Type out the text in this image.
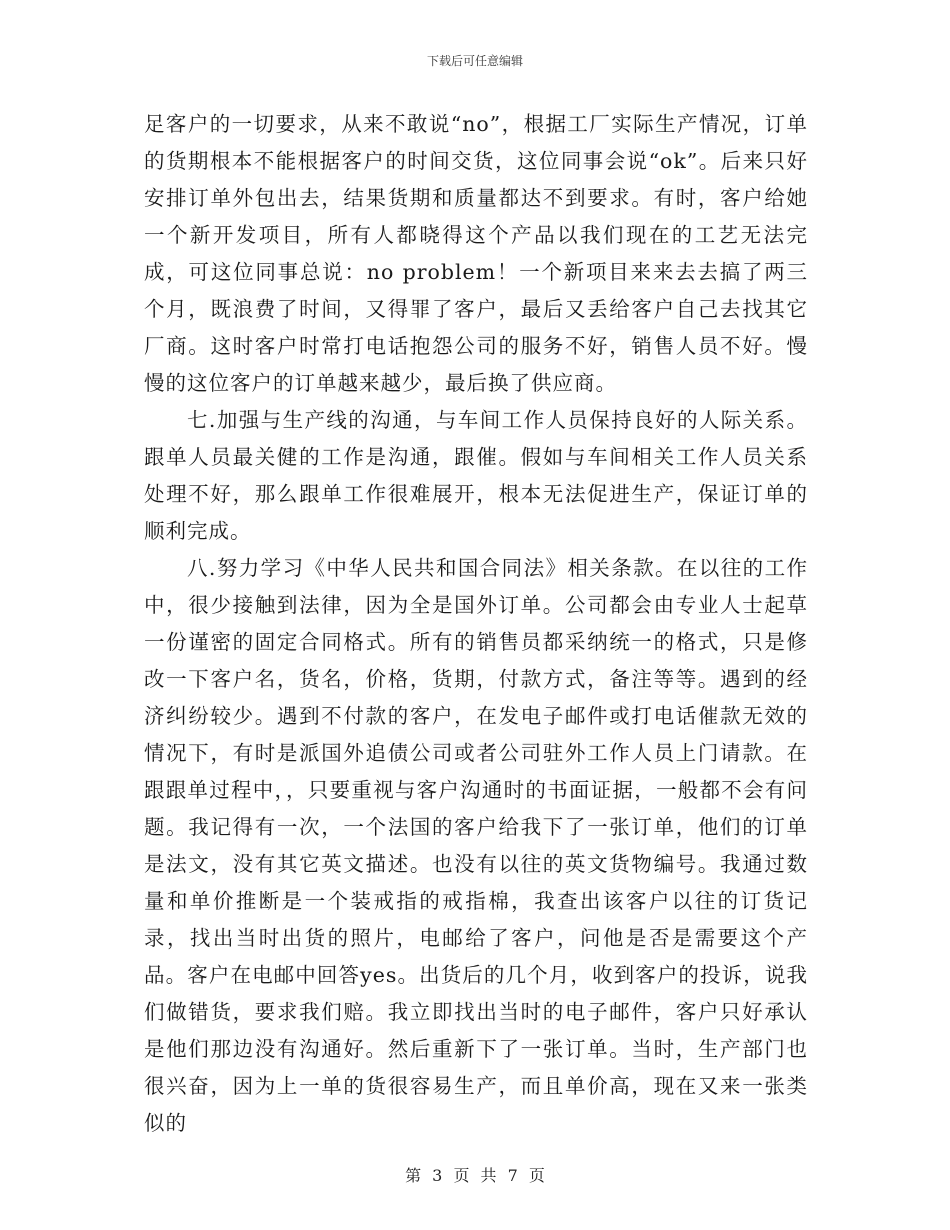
下载后可任意编辑

足客户的一切要求，从来不敢说“no”，根据工厂实际生产情况，订单的货期根本不能根据客户的时间交货，这位同事会说“ok”。后来只好安排订单外包出去，结果货期和质量都达不到要求。有时，客户给她一个新开发项目，所有人都晓得这个产品以我们现在的工艺无法完成，可这位同事总说：no problem！一个新项目来来去去搞了两三个月，既浪费了时间，又得罪了客户，最后又丢给客户自己去找其它厂商。这时客户时常打电话抱怨公司的服务不好，销售人员不好。慢慢的这位客户的订单越来越少，最后换了供应商。

七.加强与生产线的沟通，与车间工作人员保持良好的人际关系。跟单人员最关健的工作是沟通，跟催。假如与车间相关工作人员关系处理不好，那么跟单工作很难展开，根本无法促进生产，保证订单的顺利完成。

八.努力学习《中华人民共和国合同法》相关条款。在以往的工作中，很少接触到法律，因为全是国外订单。公司都会由专业人士起草一份谨密的固定合同格式。所有的销售员都采纳统一的格式，只是修改一下客户名，货名，价格，货期，付款方式，备注等等。遇到的经济纠纷较少。遇到不付款的客户，在发电子邮件或打电话催款无效的情况下，有时是派国外追债公司或者公司驻外工作人员上门请款。在跟跟单过程中，，只要重视与客户沟通时的书面证据，一般都不会有问题。我记得有一次，一个法国的客户给我下了一张订单，他们的订单是法文，没有其它英文描述。也没有以往的英文货物编号。我通过数量和单价推断是一个装戒指的戒指棉，我查出该客户以往的订货记录，找出当时出货的照片，电邮给了客户，问他是否是需要这个产品。客户在电邮中回答yes。出货后的几个月，收到客户的投诉，说我们做错货，要求我们赔。我立即找出当时的电子邮件，客户只好承认是他们那边没有沟通好。然后重新下了一张订单。当时，生产部门也很兴奋，因为上一单的货很容易生产，而且单价高，现在又来一张类似的

第 3 页 共 7 页
